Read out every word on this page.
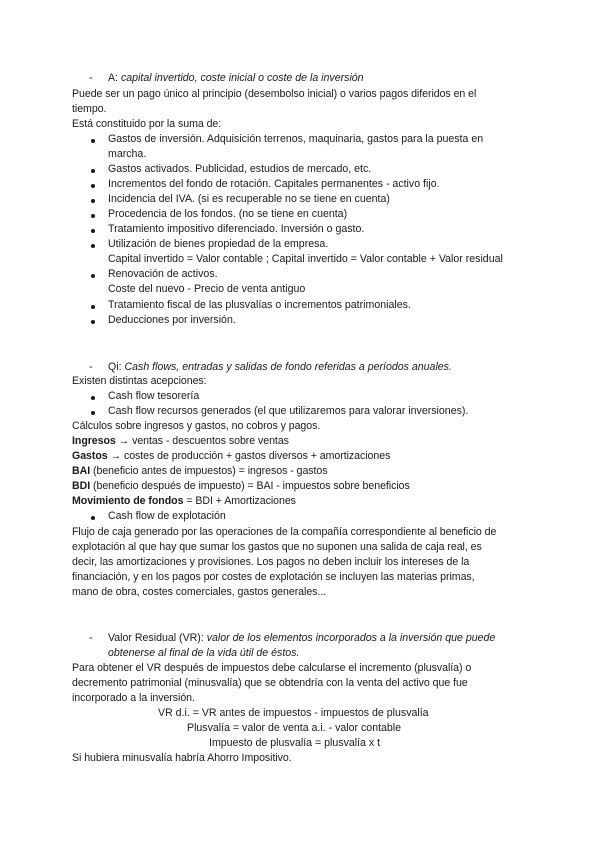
- A: capital invertido, coste inicial o coste de la inversión
Puede ser un pago único al principio (desembolso inicial) o varios pagos diferidos en el
tiempo.
Está constituido por la suma de:
Gastos de inversión. Adquisición terrenos, maquinaria, gastos para la puesta en
marcha.
Gastos activados. Publicidad, estudios de mercado, etc.
Incrementos del fondo de rotación. Capitales permanentes - activo fijo.
Incidencia del IVA. (si es recuperable no se tiene en cuenta)
Procedencia de los fondos. (no se tiene en cuenta)
Tratamiento impositivo diferenciado. Inversión o gasto.
Utilización de bienes propiedad de la empresa.
Capital invertido = Valor contable ; Capital invertido = Valor contable + Valor residual
Renovación de activos.
Coste del nuevo - Precio de venta antiguo
Tratamiento fiscal de las plusvalías o incrementos patrimoniales.
Deducciones por inversión.
- Qi: Cash flows, entradas y salidas de fondo referidas a períodos anuales.
Existen distintas acepciones:
Cash flow tesorería
Cash flow recursos generados (el que utilizaremos para valorar inversiones).
Cálculos sobre ingresos y gastos, no cobros y pagos.
Ingresos → ventas - descuentos sobre ventas
Gastos → costes de producción + gastos diversos + amortizaciones
BAI (beneficio antes de impuestos) = ingresos - gastos
BDI (beneficio después de impuesto) = BAI - impuestos sobre beneficios
Movimiento de fondos = BDI + Amortizaciones
Cash flow de explotación
Flujo de caja generado por las operaciones de la compañía correspondiente al beneficio de
explotación al que hay que sumar los gastos que no suponen una salida de caja real, es
decir, las amortizaciones y provisiones. Los pagos no deben incluir los intereses de la
financiación, y en los pagos por costes de explotación se incluyen las materias primas,
mano de obra, costes comerciales, gastos generales...
- Valor Residual (VR): valor de los elementos incorporados a la inversión que puede
obtenerse al final de la vida útil de éstos.
Para obtener el VR después de impuestos debe calcularse el incremento (plusvalía) o
decremento patrimonial (minusvalía) que se obtendría con la venta del activo que fue
incorporado a la inversión.
VR d.i. = VR antes de impuestos - impuestos de plusvalía
Plusvalía = valor de venta a.i. - valor contable
Impuesto de plusvalía = plusvalía x t
Si hubiera minusvalía habría Ahorro Impositivo.
